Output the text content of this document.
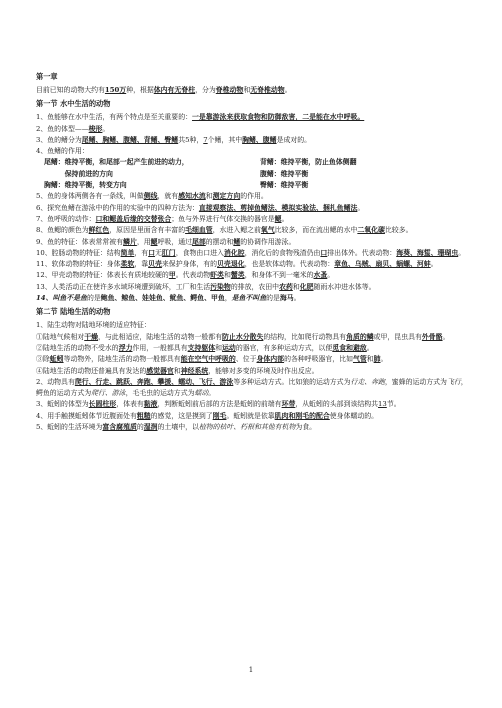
第一章

目前已知的动物大约有150万种，根据体内有无脊柱，分为脊椎动物和无脊椎动物。

第一节 水中生活的动物

1、鱼能够在水中生活，有两个特点是至关重要的：一是靠游泳来获取食物和防御敌害，二是能在水中呼吸。

2、鱼的体型——梭形。

3、鱼的鳍分为尾鳍、胸鳍、腹鳍、背鳍、臀鳍共5种，7个鳍，其中胸鳍、腹鳍是成对的。

4、鱼鳍的作用：

尾鳍：维持平衡，和尾部一起产生前进的动力，	背鳍：维持平衡，防止鱼体侧翻
　　　保持前进的方向	腹鳍：维持平衡
胸鳍：维持平衡，转变方向	臀鳍：维持平衡

5、鱼的身体两侧各有一条线，叫做侧线，就有感知水流和测定方向的作用。

6、探究鱼鳍在游泳中的作用的实验中的四种方法为：直接观察法、剪掉鱼鳍法、模拟实验法、捆扎鱼鳍法。

7、鱼呼吸的动作：口和鳃盖后缘的交替张合；鱼与外界进行气体交换的器官是鳃。

8、鱼鳃的颜色为鲜红色，原因是里面含有丰富的毛细血管，水进入鳃之前氧气比较多，而在流出鳃的水中二氧化碳比较多。

9、鱼的特征：体表常常被有鳞片，用鳃呼吸，通过尾部的摆动和鳍的协调作用游泳。

10、腔肠动物的特征：结构简单，有口无肛门，食物由口进入消化腔，消化后的食物残渣仍由口排出体外。代表动物：海葵、海蜇、珊瑚虫。

11、软体动物的特征：身体柔软，靠贝壳来保护身体，有的贝壳退化，也是软体动物。代表动物：章鱼、乌贼、扇贝、蜗螺、河蚌。

12、甲壳动物的特征：体表长有质地较硬的甲。代表动物虾类和蟹类，和身体不到一毫米的水蚤。

13、人类活动正在使许多水域环境遭到破坏，工厂和生活污染物的排放，农田中农药和化肥随雨水冲进水体等。

14、叫鱼不是鱼的是鲍鱼、鲸鱼、娃娃鱼、鱿鱼、鳄鱼、甲鱼，是鱼不叫鱼的是海马。

第二节 陆地生活的动物

1、陆生动物对陆地环境的适应特征：

①陆地气候相对干燥，与此相适应，陆地生活的动物一般都有防止水分散失的结构，比如爬行动物具有角质的鳞或甲，昆虫具有外骨骼。

②陆地生活的动物不受水的浮力作用，一般都具有支持躯体和运动的器官，有多种运动方式，以便觅食和避敌。

③除蚯蚓等动物外，陆地生活的动物一般都具有能在空气中呼吸的、位于身体内部的各种呼吸器官，比如气管和肺。

④陆地生活的动物还普遍具有发达的感觉器官和神经系统，能够对多变的环境及时作出反应。

2、动物具有爬行、行走、跳跃、奔跑、攀援、蠕动、飞行、游泳等多种运动方式。比如狼的运动方式为行走、奔跑，蜜蜂的运动方式为飞行，鳄鱼的运动方式为爬行、游泳，毛毛虫的运动方式为蠕动。

3、蚯蚓的体型为长圆柱形，体表有黏液，判断蚯蚓前后部的方法是蚯蚓的前端有环带，从蚯蚓的头部到该结构共13节。

4、用手触摸蚯蚓体节近腹面处有粗糙的感觉，这是摸到了刚毛。蚯蚓就是依靠肌肉和刚毛的配合使身体蠕动的。

5、蚯蚓的生活环境为富含腐殖质的湿润的土壤中，以植物的枯叶、朽根和其他有机物为食。

1
